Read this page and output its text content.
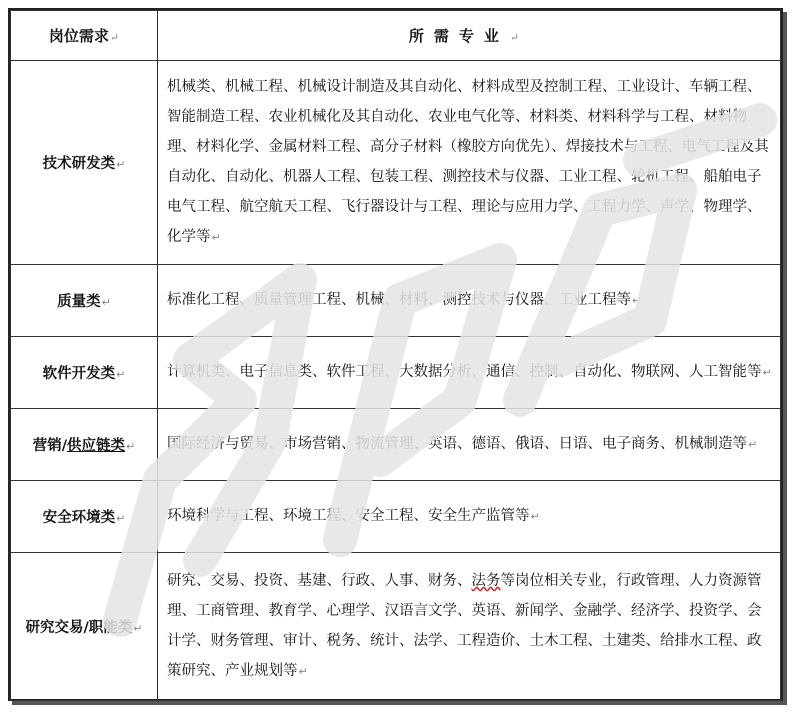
岗位需求↵	所需专业↵
技术研发类↵	机械类、机械工程、机械设计制造及其自动化、材料成型及控制工程、工业设计、车辆工程、智能制造工程、农业机械化及其自动化、农业电气化等、材料类、材料科学与工程、材料物理、材料化学、金属材料工程、高分子材料（橡胶方向优先）、焊接技术与工程、电气工程及其自动化、自动化、机器人工程、包装工程、测控技术与仪器、工业工程、轮机工程、船舶电子电气工程、航空航天工程、飞行器设计与工程、理论与应用力学、工程力学、声学、物理学、化学等↵
质量类↵	标准化工程、质量管理工程、机械、材料、测控技术与仪器、工业工程等↵
软件开发类↵	计算机类、电子信息类、软件工程、大数据分析、通信、控制、自动化、物联网、人工智能等↵
营销/供应链类↵	国际经济与贸易、市场营销、物流管理、英语、德语、俄语、日语、电子商务、机械制造等↵
安全环境类↵	环境科学与工程、环境工程、安全工程、安全生产监管等↵
研究交易/职能类↵	研究、交易、投资、基建、行政、人事、财务、法务等岗位相关专业，行政管理、人力资源管理、工商管理、教育学、心理学、汉语言文学、英语、新闻学、金融学、经济学、投资学、会计学、财务管理、审计、税务、统计、法学、工程造价、土木工程、土建类、给排水工程、政策研究、产业规划等↵
